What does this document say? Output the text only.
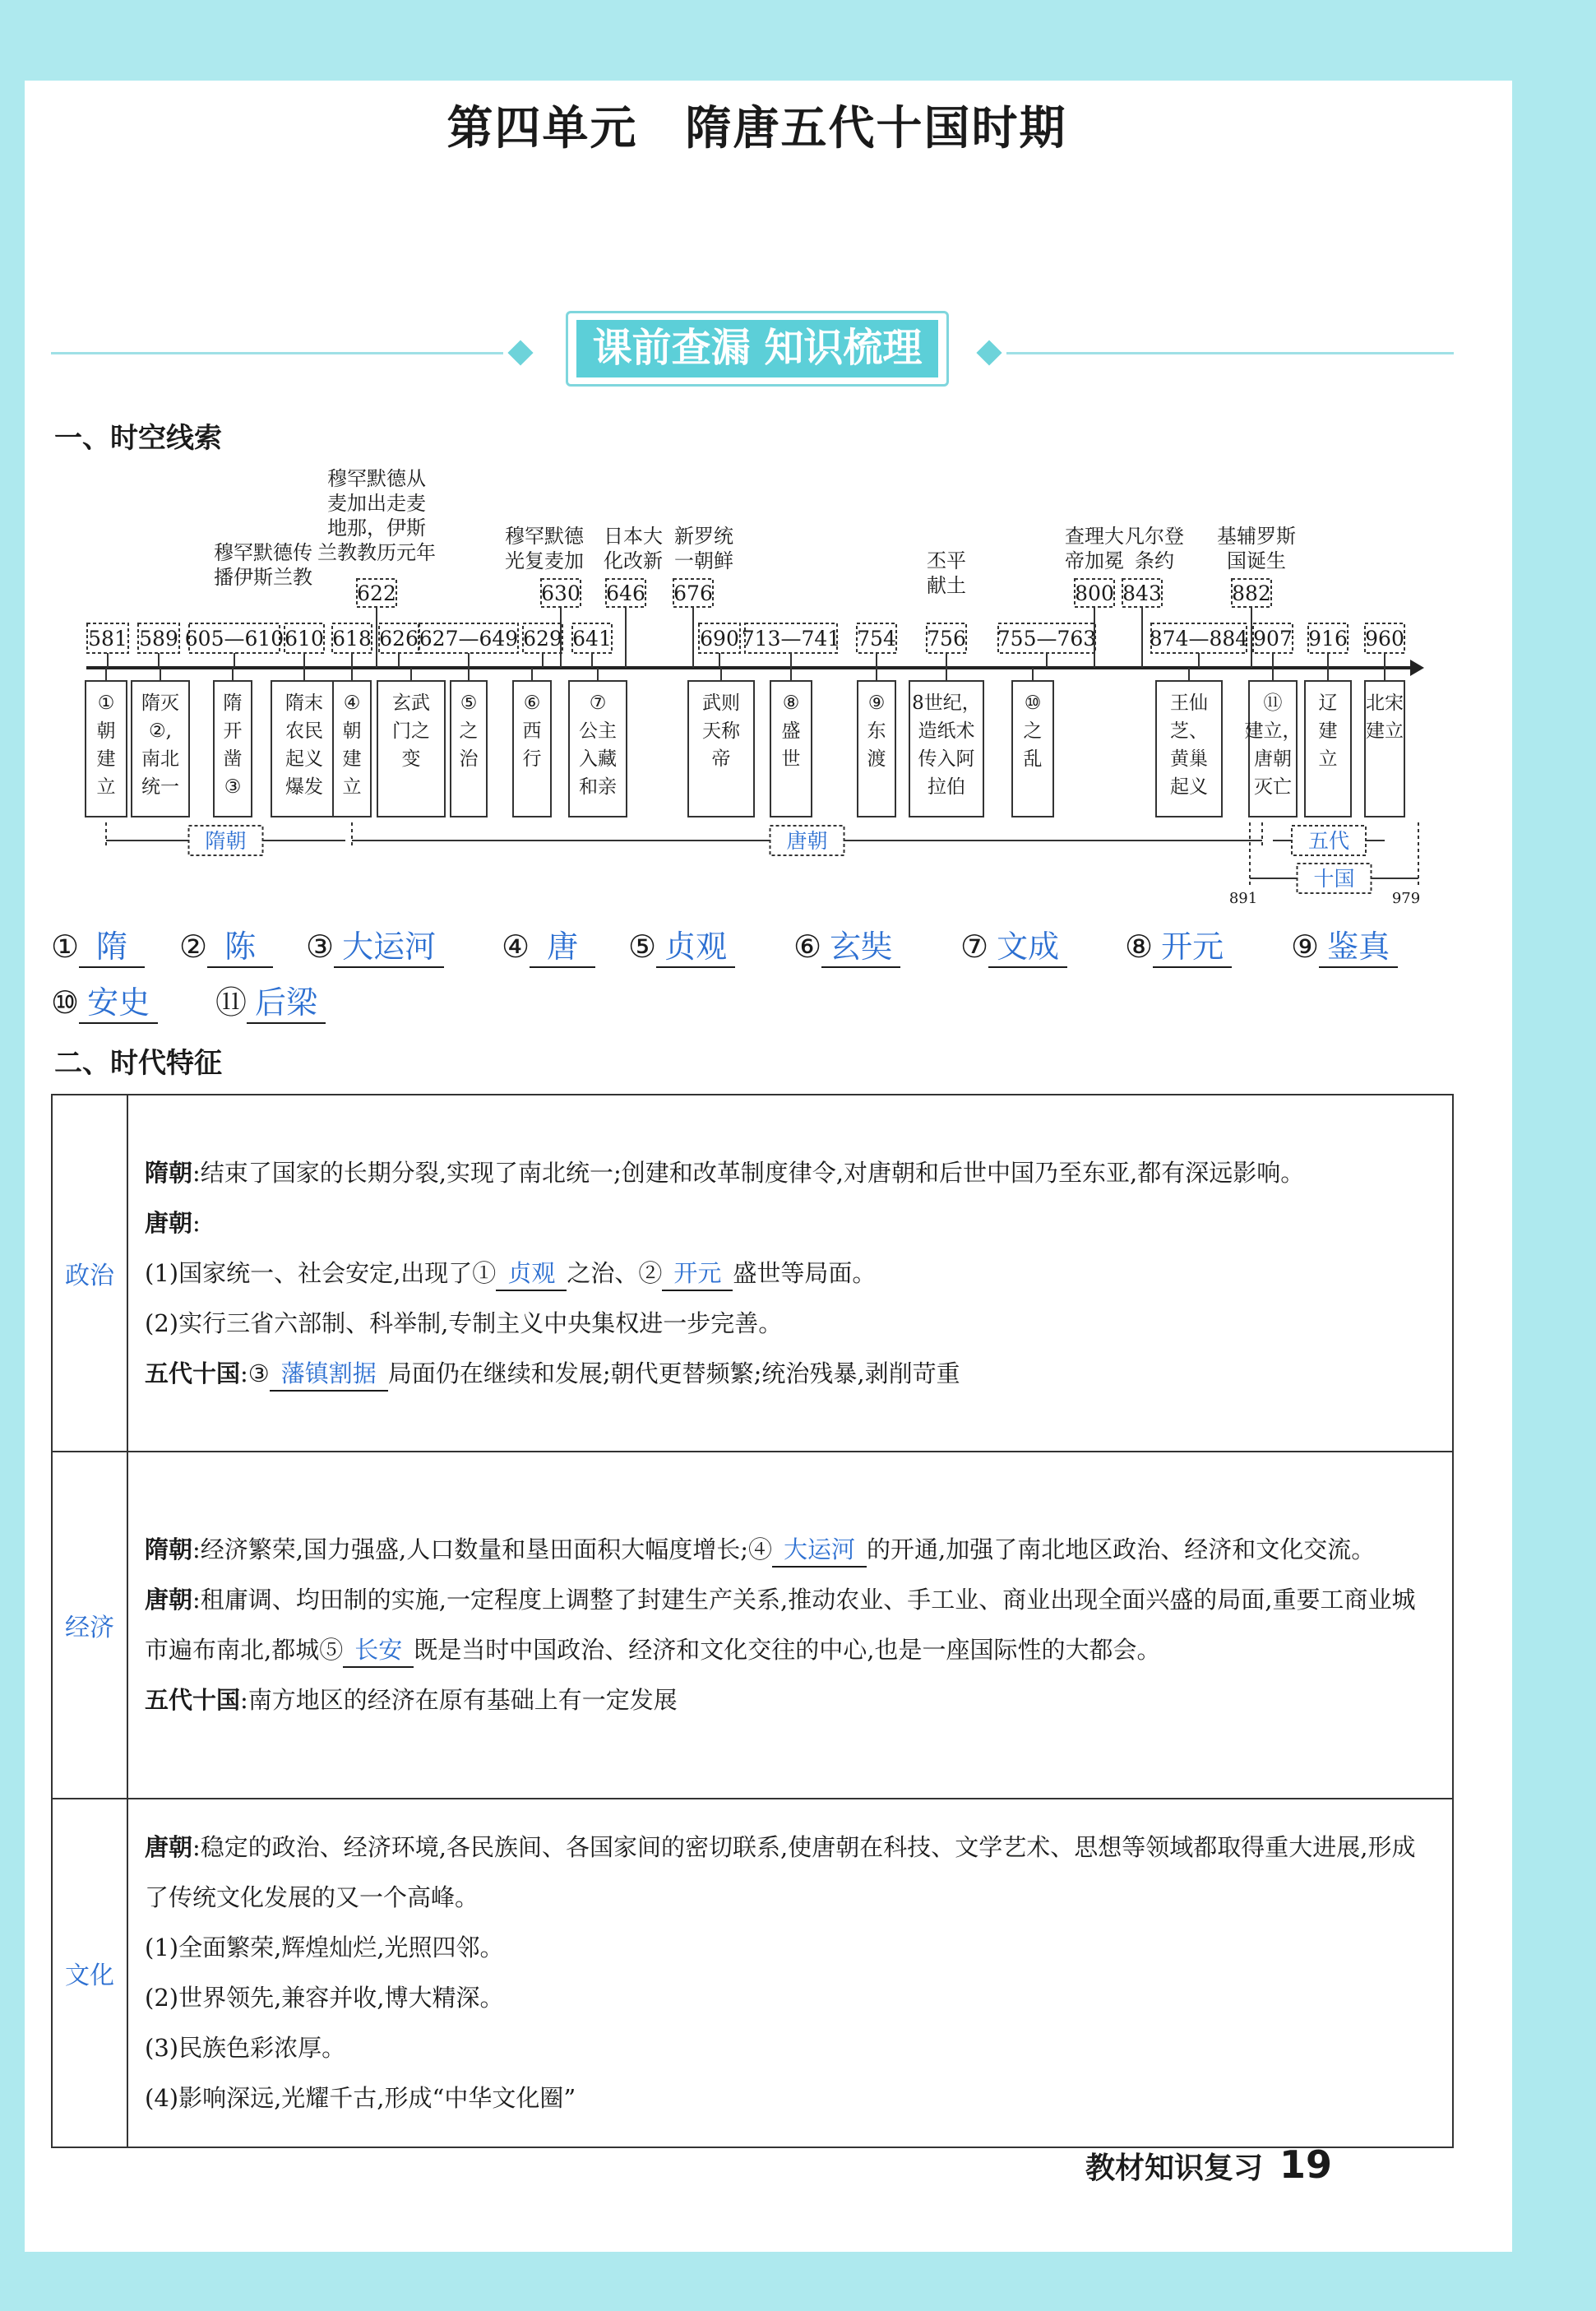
第四单元　隋唐五代十国时期
课前查漏 知识梳理
一、时空线索
581 589 605—610 610 618 626 627—649 629 641	690 713—741 754 756 755—763	874—884 907 916 960
622	630 646 676	800 843	882
穆罕默德传播伊斯兰教
穆罕默德从麦加出走麦地那，伊斯兰教教历元年
穆罕默德光复麦加
日本大化改新
新罗统一朝鲜	丕平献土
查理大帝加冕
凡尔登条约
基辅罗斯国诞生
① 朝建立
隋灭 ②,南北统一
隋开凿 ③
隋末农民起义爆发
④ 朝建立
玄武门之变
⑤ 之治
⑥ 西行
⑦ 公主入藏和亲
武则天称帝
⑧ 盛世
⑨ 东渡
8世纪，造纸术传入阿拉伯
⑩ 之乱
王仙芝、黄巢起义
⑪ 建立，唐朝灭亡
辽建立
北宋建立
隋朝	唐朝	五代
十国
891	979
① 隋	② 陈	③ 大运河 ④ 唐	⑤ 贞观 ⑥ 玄奘 ⑦ 文成 ⑧ 开元 ⑨ 鉴真
⑩ 安史 ⑪ 后梁
二、时代特征
政治	隋朝:结束了国家的长期分裂,实现了南北统一;创建和改革制度律令,对唐朝和后世中国乃至东亚,都有深远影响。

唐朝:

(1)国家统一、社会安定,出现了① 贞观 之治、② 开元 盛世等局面。

(2)实行三省六部制、科举制,专制主义中央集权进一步完善。

五代十国:③ 藩镇割据 局面仍在继续和发展;朝代更替频繁;统治残暴,剥削苛重

经济	隋朝:经济繁荣,国力强盛,人口数量和垦田面积大幅度增长;④ 大运河 的开通,加强了南北地区政治、经济和文化交流。

唐朝:租庸调、均田制的实施,一定程度上调整了封建生产关系,推动农业、手工业、商业出现全面兴盛的局面,重要工商业城市遍布南北,都城⑤ 长安 既是当时中国政治、经济和文化交往的中心,也是一座国际性的大都会。

五代十国:南方地区的经济在原有基础上有一定发展

文化	唐朝:稳定的政治、经济环境,各民族间、各国家间的密切联系,使唐朝在科技、文学艺术、思想等领域都取得重大进展,形成了传统文化发展的又一个高峰。

(1)全面繁荣,辉煌灿烂,光照四邻。

(2)世界领先,兼容并收,博大精深。

(3)民族色彩浓厚。

(4)影响深远,光耀千古,形成“中华文化圈”

教材知识复习 19
